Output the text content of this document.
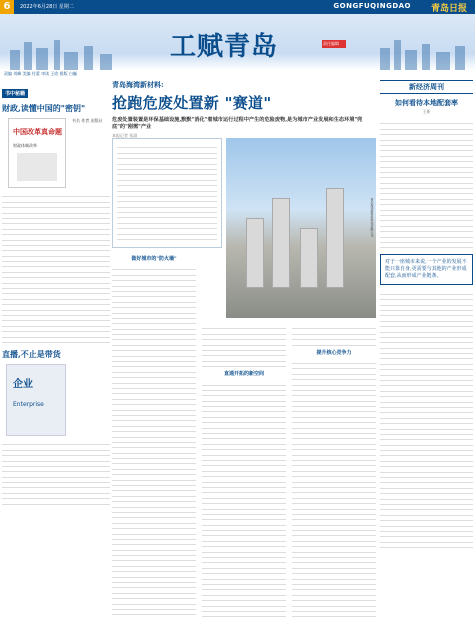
6	2022年6月28日 星期二	GONGFUQINGDAO 青岛日报
工赋青岛	责任编辑
责编 刘峰 美编 付蕾 审读 王欣 排版 白巍
书中秘籍
财政,读懂中国的"密钥"
中国改革真命题
财政体制改革
书名 作者 出版社
直播,不止是带货
企业
Enterprise
青岛海湾新材料:
抢跑危废处置新 "赛道"
危废处置装置是环保基础设施,默默"消化"着城市运行过程中产生的危险废物,是为城市产业发展和生态环境"兜底"的"刚需"产业
本报记者 张淑
青岛海湾新材料科技有限公司
做好城市的"防火墙"
直通开拓的新空间
提升核心竞争力
新经济周刊
如何看待本地配套率
王新
对于一座城市来说,一个产业的发展不能只靠自身,更需要与其他的产业形成配套,从而形成产业链条。
